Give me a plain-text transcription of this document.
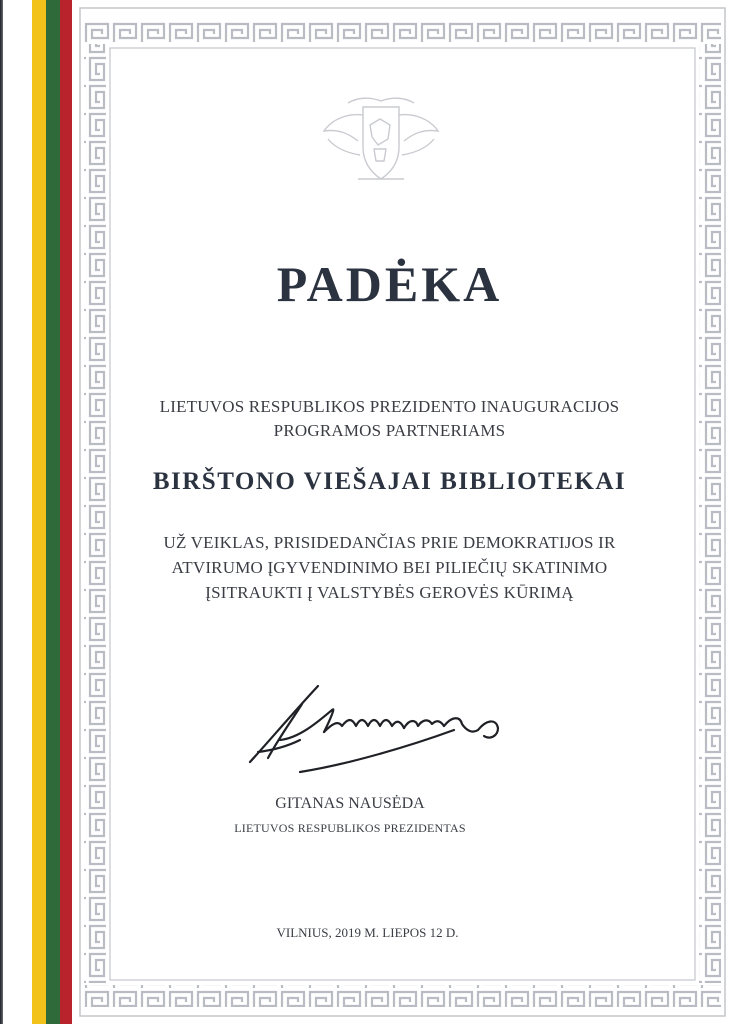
PADĖKA
LIETUVOS RESPUBLIKOS PREZIDENTO INAUGURACIJOS
PROGRAMOS PARTNERIAMS
BIRŠTONO VIEŠAJAI BIBLIOTEKAI
UŽ VEIKLAS, PRISIDEDANČIAS PRIE DEMOKRATIJOS IR
ATVIRUMO ĮGYVENDINIMO BEI PILIEČIŲ SKATINIMO
ĮSITRAUKTI Į VALSTYBĖS GEROVĖS KŪRIMĄ
GITANAS NAUSĖDA
LIETUVOS RESPUBLIKOS PREZIDENTAS
VILNIUS, 2019 M. LIEPOS 12 D.
